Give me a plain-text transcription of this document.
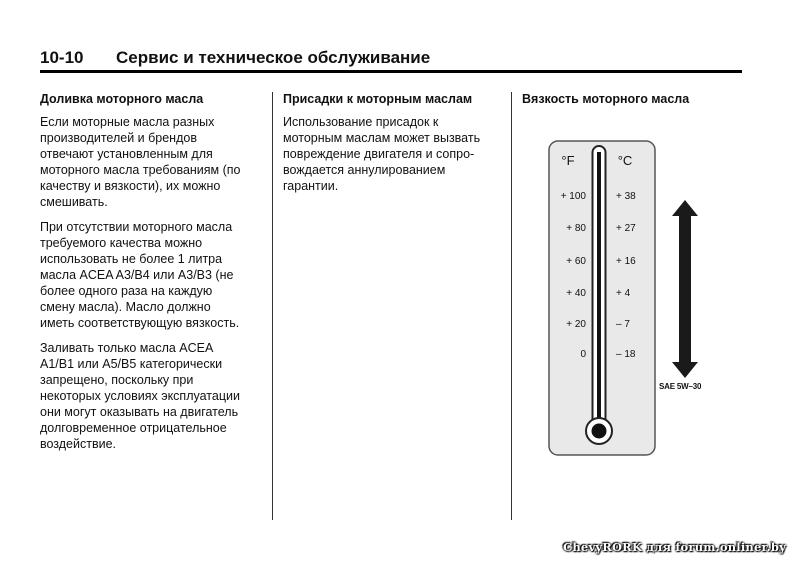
10-10 Сервис и техническое обслуживание
Доливка моторного масла

Если моторные масла разных
производителей и брендов
отвечают установленным для
моторного масла требованиям (по
качеству и вязкости), их можно
смешивать.

При отсутствии моторного масла
требуемого качества можно
использовать не более 1 литра
масла ACEA A3/B4 или A3/B3 (не
более одного раза на каждую
смену масла). Масло должно
иметь соответствующую вязкость.

Заливать только масла ACEA
A1/B1 или A5/B5 категорически
запрещено, поскольку при
некоторых условиях эксплуатации
они могут оказывать на двигатель
долговременное отрицательное
воздействие.

Присадки к моторным маслам

Использование присадок к
моторным маслам может вызвать
повреждение двигателя и сопро-
вождается аннулированием
гарантии.

Вязкость моторного масла
°F	°C
+ 100
+ 80
+ 60
+ 40
+ 20
0
+ 38
+ 27
+ 16
+ 4
– 7
– 18
SAE 5W–30
ChevyRORK для forum.onliner.by
